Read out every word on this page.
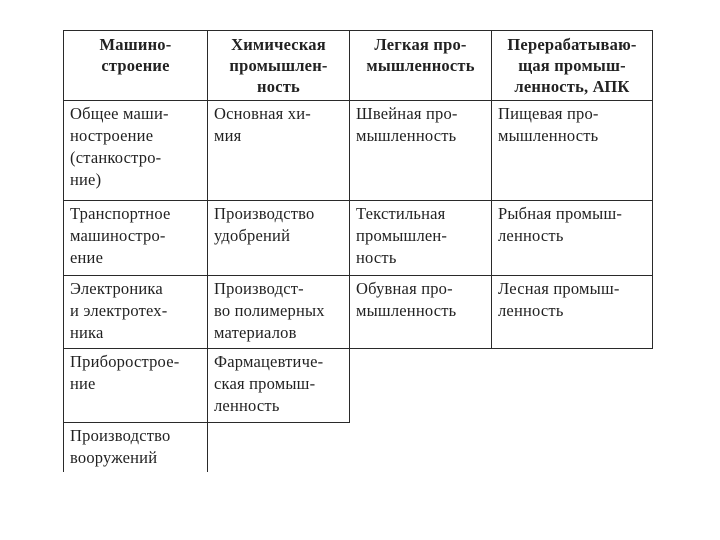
Машино-
строение
Химическая
промышлен-
ность
Легкая про-
мышленность
Перерабатываю-
щая промыш-
ленность, АПК
Общее маши-
ностроение
(станкостро-
ние)
Основная хи-
мия
Швейная про-
мышленность
Пищевая про-
мышленность
Транспортное
машиностро-
ение
Производство
удобрений
Текстильная
промышлен-
ность
Рыбная промыш-
ленность
Электроника
и электротех-
ника
Производст-
во полимерных
материалов
Обувная про-
мышленность
Лесная промыш-
ленность
Приборострое-
ние
Фармацевтиче-
ская промыш-
ленность
Производство
вооружений
